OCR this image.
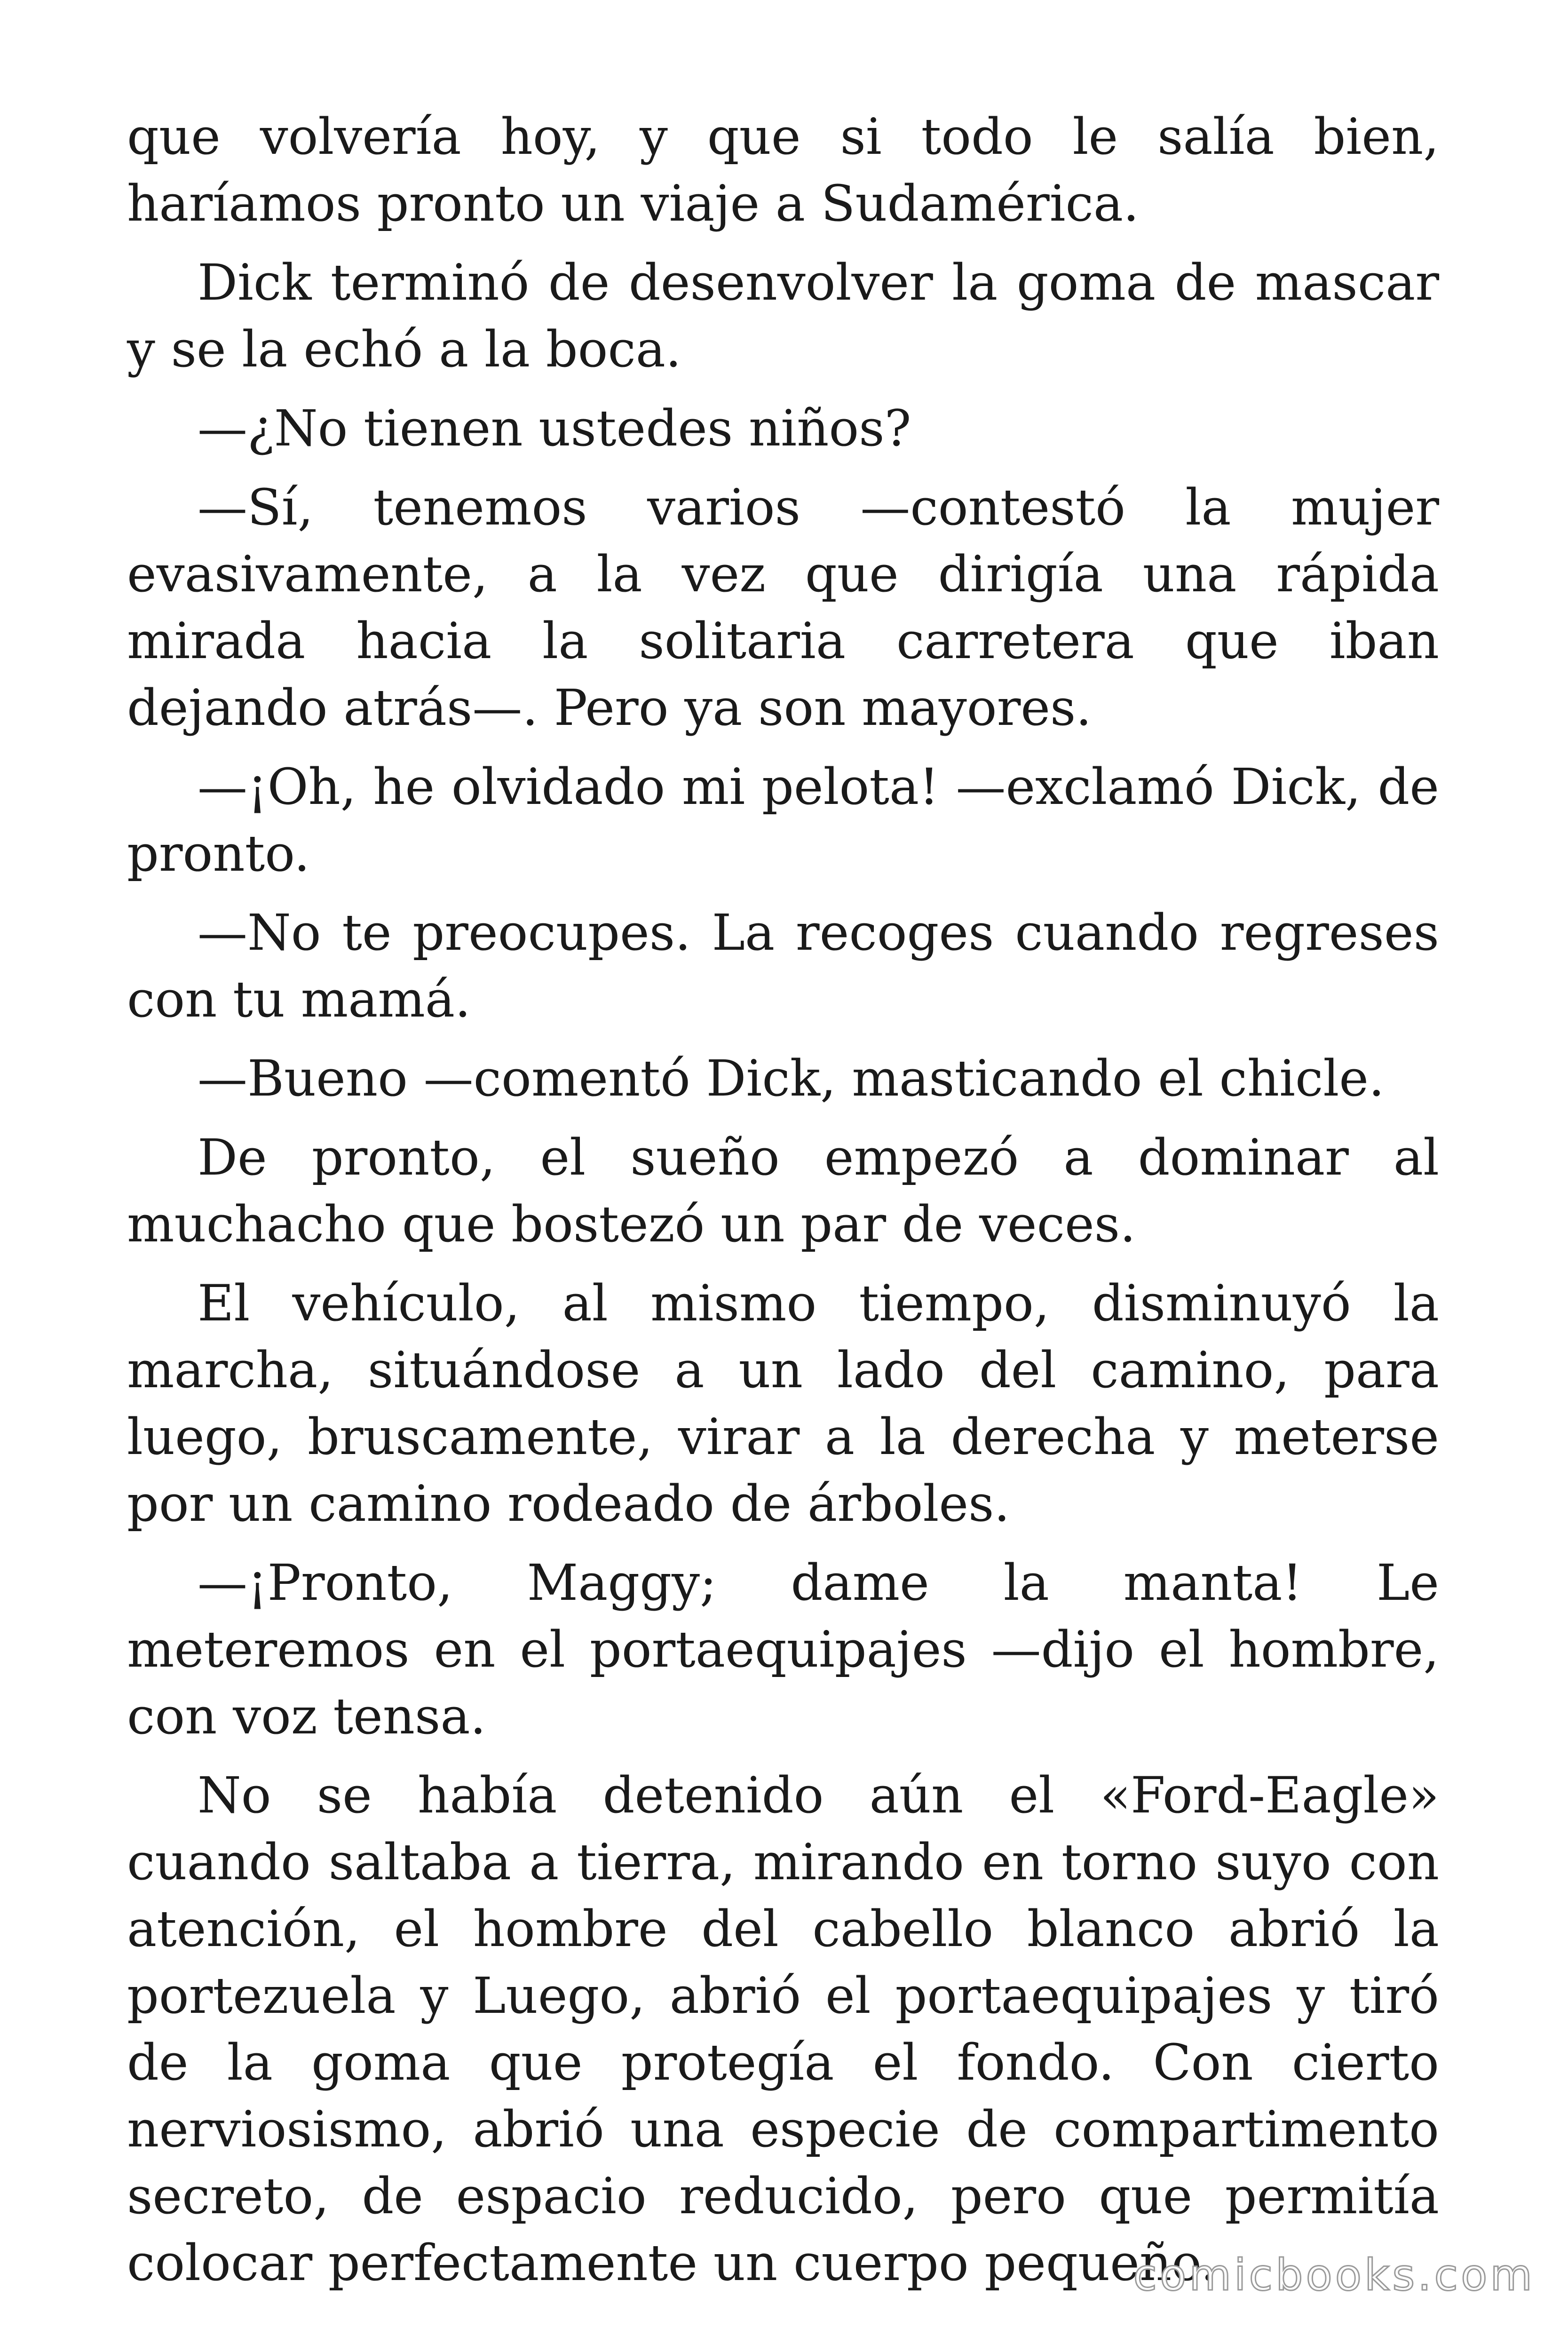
que volvería hoy, y que si todo le salía bien, haríamos pronto un viaje a Sudamérica.

Dick terminó de desenvolver la goma de mascar y se la echó a la boca.

—¿No tienen ustedes niños?

—Sí, tenemos varios —contestó la mujer evasivamente, a la vez que dirigía una rápida mirada hacia la solitaria carretera que iban dejando atrás—. Pero ya son mayores.

—¡Oh, he olvidado mi pelota! —exclamó Dick, de pronto.

—No te preocupes. La recoges cuando regreses con tu mamá.

—Bueno —comentó Dick, masticando el chicle.

De pronto, el sueño empezó a dominar al muchacho que bostezó un par de veces.

El vehículo, al mismo tiempo, disminuyó la marcha, situándose a un lado del camino, para luego, bruscamente, virar a la derecha y meterse por un camino rodeado de árboles.

—¡Pronto, Maggy; dame la manta! Le meteremos en el portaequipajes —dijo el hombre, con voz tensa.

No se había detenido aún el «Ford-Eagle» cuando saltaba a tierra, mirando en torno suyo con atención, el hombre del cabello blanco abrió la portezuela y Luego, abrió el portaequipajes y tiró de la goma que protegía el fondo. Con cierto nerviosismo, abrió una especie de compartimento secreto, de espacio reducido, pero que permitía colocar perfectamente un cuerpo pequeño.

comicbooks.com
